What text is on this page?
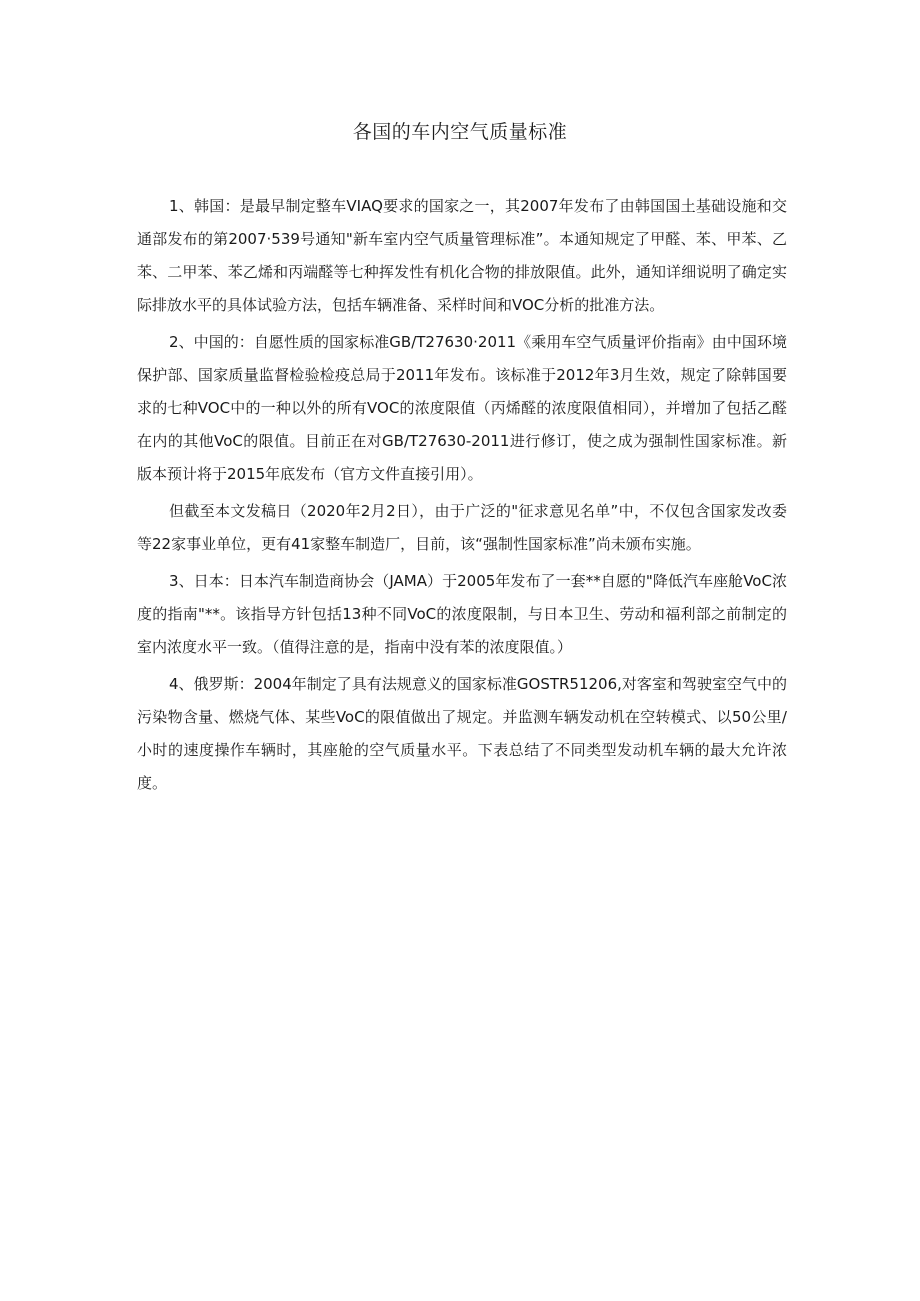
各国的车内空气质量标准

1、韩国：是最早制定整车VIAQ要求的国家之一，其2007年发布了由韩国国土基础设施和交通部发布的第2007·539号通知"新车室内空气质量管理标准”。本通知规定了甲醛、苯、甲苯、乙苯、二甲苯、苯乙烯和丙端醛等七种挥发性有机化合物的排放限值。此外，通知详细说明了确定实际排放水平的具体试验方法，包括车辆准备、采样时间和VOC分析的批准方法。

2、中国的：自愿性质的国家标准GB/T27630·2011《乘用车空气质量评价指南》由中国环境保护部、国家质量监督检验检疫总局于2011年发布。该标准于2012年3月生效，规定了除韩国要求的七种VOC中的一种以外的所有VOC的浓度限值（丙烯醛的浓度限值相同），并增加了包括乙醛在内的其他VoC的限值。目前正在对GB/T27630-2011进行修订，使之成为强制性国家标准。新版本预计将于2015年底发布（官方文件直接引用）。

但截至本文发稿日（2020年2月2日），由于广泛的"征求意见名单”中，不仅包含国家发改委等22家事业单位，更有41家整车制造厂，目前，该“强制性国家标准”尚未颁布实施。

3、日本：日本汽车制造商协会（JAMA）于2005年发布了一套**自愿的"降低汽车座舱VoC浓度的指南"**。该指导方针包括13种不同VoC的浓度限制，与日本卫生、劳动和福利部之前制定的室内浓度水平一致。（值得注意的是，指南中没有苯的浓度限值。）

4、俄罗斯：2004年制定了具有法规意义的国家标准GOSTR51206,对客室和驾驶室空气中的污染物含量、燃烧气体、某些VoC的限值做出了规定。并监测车辆发动机在空转模式、以50公里/小时的速度操作车辆时，其座舱的空气质量水平。下表总结了不同类型发动机车辆的最大允许浓度。
